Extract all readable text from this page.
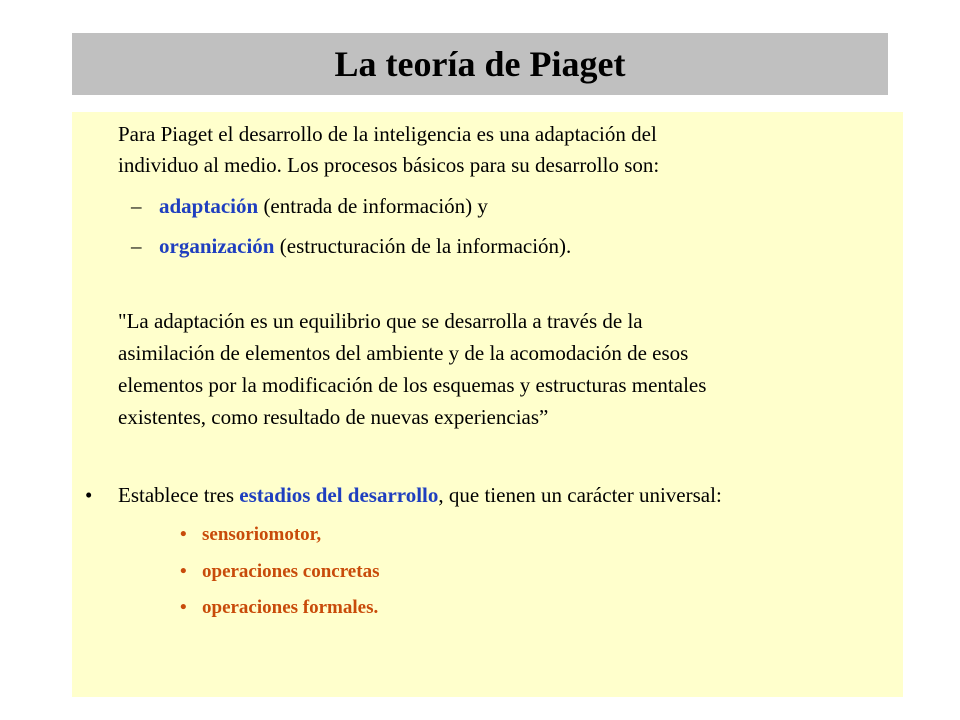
La teoría de Piaget

Para Piaget el desarrollo de la inteligencia es una adaptación del

individuo al medio. Los procesos básicos para su desarrollo son:

– adaptación (entrada de información) y
– organización (estructuración de la información).

"La adaptación es un equilibrio que se desarrolla a través de la

asimilación de elementos del ambiente y de la acomodación de esos

elementos por la modificación de los esquemas y estructuras mentales

existentes, como resultado de nuevas experiencias”

• Establece tres estadios del desarrollo, que tienen un carácter universal:
• sensoriomotor,
• operaciones concretas
• operaciones formales.
